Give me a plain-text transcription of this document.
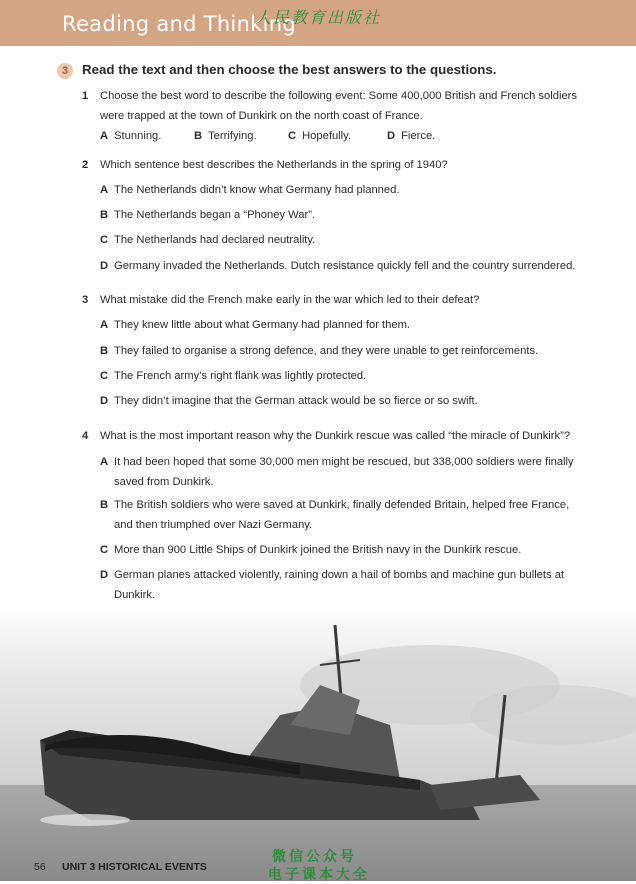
Reading and Thinking
人民教育出版社
3	Read the text and then choose the best answers to the questions.
1 Choose the best word to describe the following event: Some 400,000 British and French soldiers were trapped at the town of Dunkirk on the north coast of France.
A Stunning.	B Terrifying.	C Hopefully.	D Fierce.
2 Which sentence best describes the Netherlands in the spring of 1940?
A The Netherlands didn’t know what Germany had planned.
B The Netherlands began a “Phoney War”.
C The Netherlands had declared neutrality.
D Germany invaded the Netherlands. Dutch resistance quickly fell and the country surrendered.
3 What mistake did the French make early in the war which led to their defeat?
A They knew little about what Germany had planned for them.
B They failed to organise a strong defence, and they were unable to get reinforcements.
C The French army’s right flank was lightly protected.
D They didn’t imagine that the German attack would be so fierce or so swift.
4 What is the most important reason why the Dunkirk rescue was called “the miracle of Dunkirk”?
A It had been hoped that some 30,000 men might be rescued, but 338,000 soldiers were finally saved from Dunkirk.
B The British soldiers who were saved at Dunkirk, finally defended Britain, helped free France, and then triumphed over Nazi Germany.
C More than 900 Little Ships of Dunkirk joined the British navy in the Dunkirk rescue.
D German planes attacked violently, raining down a hail of bombs and machine gun bullets at Dunkirk.
56 UNIT 3 HISTORICAL EVENTS
微信公众号
电子课本大全
